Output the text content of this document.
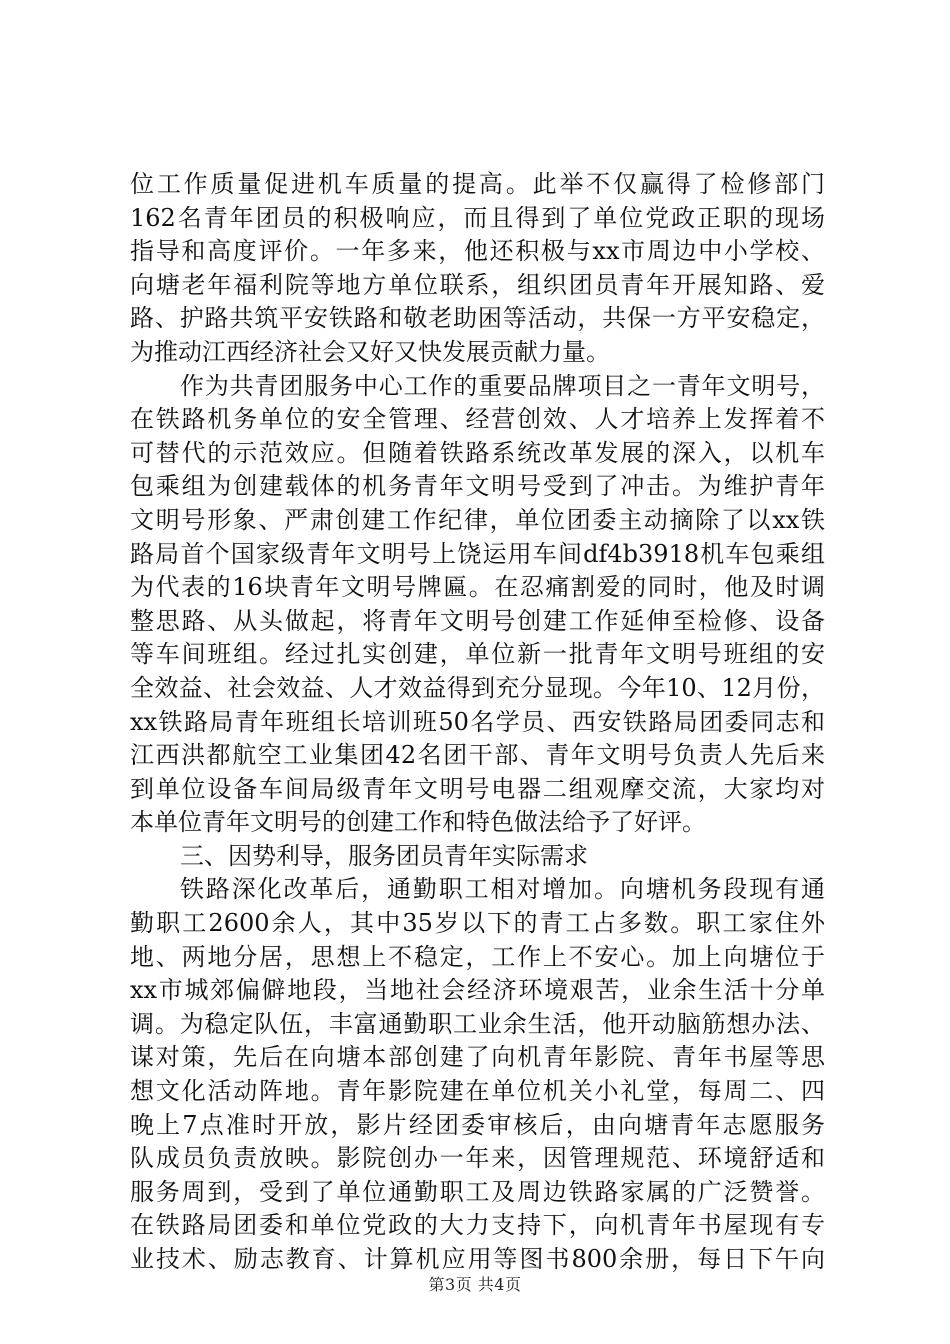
位工作质量促进机车质量的提高。此举不仅赢得了检修部门
162名青年团员的积极响应，而且得到了单位党政正职的现场
指导和高度评价。一年多来，他还积极与xx市周边中小学校、
向塘老年福利院等地方单位联系，组织团员青年开展知路、爱
路、护路共筑平安铁路和敬老助困等活动，共保一方平安稳定，
为推动江西经济社会又好又快发展贡献力量。
作为共青团服务中心工作的重要品牌项目之一青年文明号，
在铁路机务单位的安全管理、经营创效、人才培养上发挥着不
可替代的示范效应。但随着铁路系统改革发展的深入，以机车
包乘组为创建载体的机务青年文明号受到了冲击。为维护青年
文明号形象、严肃创建工作纪律，单位团委主动摘除了以xx铁
路局首个国家级青年文明号上饶运用车间df4b3918机车包乘组
为代表的16块青年文明号牌匾。在忍痛割爱的同时，他及时调
整思路、从头做起，将青年文明号创建工作延伸至检修、设备
等车间班组。经过扎实创建，单位新一批青年文明号班组的安
全效益、社会效益、人才效益得到充分显现。今年10、12月份，
xx铁路局青年班组长培训班50名学员、西安铁路局团委同志和
江西洪都航空工业集团42名团干部、青年文明号负责人先后来
到单位设备车间局级青年文明号电器二组观摩交流，大家均对
本单位青年文明号的创建工作和特色做法给予了好评。
三、因势利导，服务团员青年实际需求
铁路深化改革后，通勤职工相对增加。向塘机务段现有通
勤职工2600余人，其中35岁以下的青工占多数。职工家住外
地、两地分居，思想上不稳定，工作上不安心。加上向塘位于
xx市城郊偏僻地段，当地社会经济环境艰苦，业余生活十分单
调。为稳定队伍，丰富通勤职工业余生活，他开动脑筋想办法、
谋对策，先后在向塘本部创建了向机青年影院、青年书屋等思
想文化活动阵地。青年影院建在单位机关小礼堂，每周二、四
晚上7点准时开放，影片经团委审核后，由向塘青年志愿服务
队成员负责放映。影院创办一年来，因管理规范、环境舒适和
服务周到，受到了单位通勤职工及周边铁路家属的广泛赞誉。
在铁路局团委和单位党政的大力支持下，向机青年书屋现有专
业技术、励志教育、计算机应用等图书800余册，每日下午向
第3页 共4页
